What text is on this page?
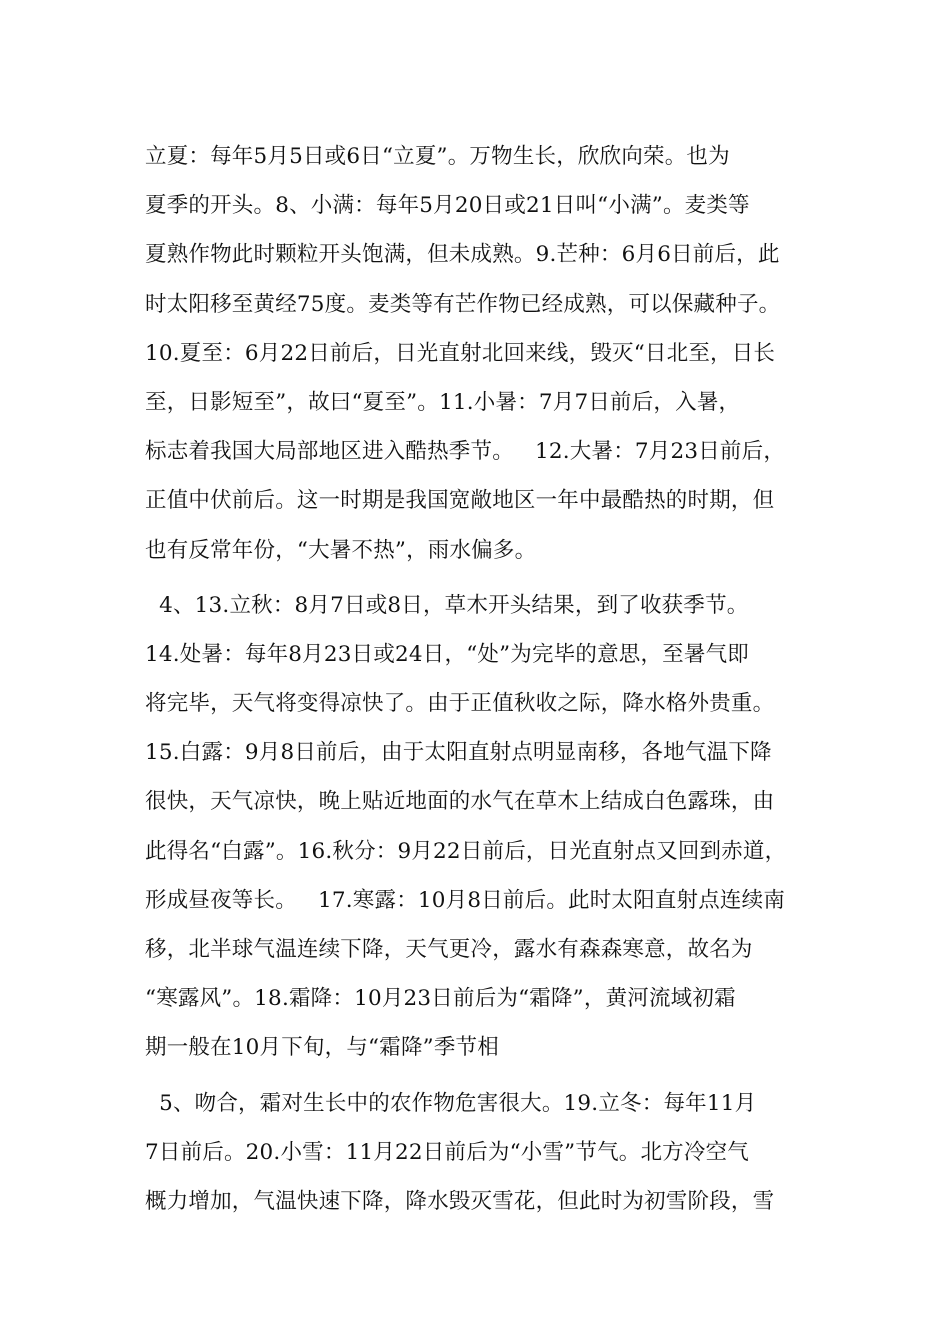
立夏：每年5月5日或6日“立夏”。万物生长，欣欣向荣。也为
夏季的开头。8、小满：每年5月20日或21日叫“小满”。麦类等
夏熟作物此时颗粒开头饱满，但未成熟。9.芒种：6月6日前后，此
时太阳移至黄经75度。麦类等有芒作物已经成熟，可以保藏种子。
10.夏至：6月22日前后，日光直射北回来线，毁灭“日北至，日长
至，日影短至”，故曰“夏至”。11.小暑：7月7日前后，入暑，
标志着我国大局部地区进入酷热季节。   12.大暑：7月23日前后，
正值中伏前后。这一时期是我国宽敞地区一年中最酷热的时期，但
也有反常年份，“大暑不热”，雨水偏多。
4、13.立秋：8月7日或8日，草木开头结果，到了收获季节。
14.处暑：每年8月23日或24日，“处”为完毕的意思，至暑气即
将完毕，天气将变得凉快了。由于正值秋收之际，降水格外贵重。
15.白露：9月8日前后，由于太阳直射点明显南移，各地气温下降
很快，天气凉快，晚上贴近地面的水气在草木上结成白色露珠，由
此得名“白露”。16.秋分：9月22日前后，日光直射点又回到赤道，
形成昼夜等长。   17.寒露：10月8日前后。此时太阳直射点连续南
移，北半球气温连续下降，天气更冷，露水有森森寒意，故名为
“寒露风”。18.霜降：10月23日前后为“霜降”，黄河流域初霜
期一般在10月下旬，与“霜降”季节相
5、吻合，霜对生长中的农作物危害很大。19.立冬：每年11月
7日前后。20.小雪：11月22日前后为“小雪”节气。北方冷空气
概力增加，气温快速下降，降水毁灭雪花，但此时为初雪阶段，雪
